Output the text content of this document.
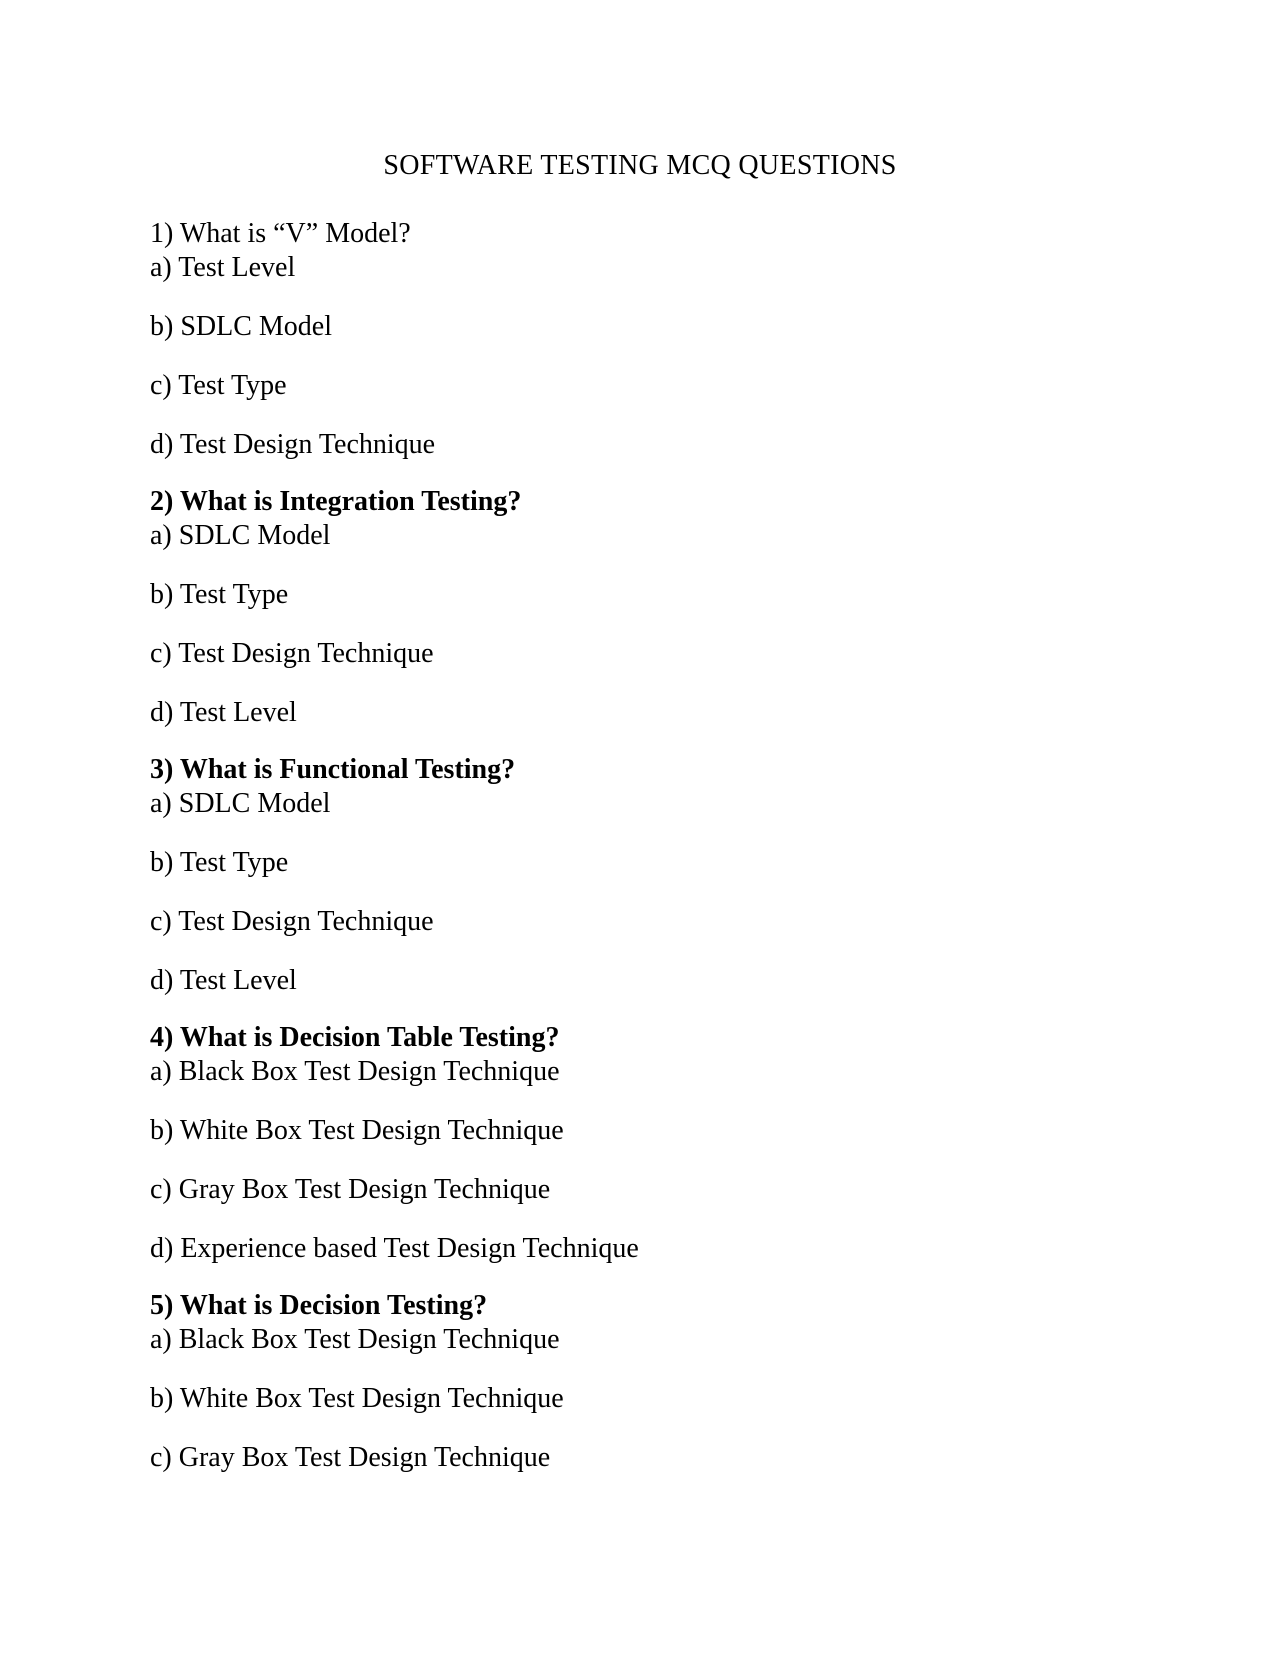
SOFTWARE TESTING MCQ QUESTIONS
1) What is “V” Model?
a) Test Level
b) SDLC Model
c) Test Type
d) Test Design Technique
2) What is Integration Testing?
a) SDLC Model
b) Test Type
c) Test Design Technique
d) Test Level
3) What is Functional Testing?
a) SDLC Model
b) Test Type
c) Test Design Technique
d) Test Level
4) What is Decision Table Testing?
a) Black Box Test Design Technique
b) White Box Test Design Technique
c) Gray Box Test Design Technique
d) Experience based Test Design Technique
5) What is Decision Testing?
a) Black Box Test Design Technique
b) White Box Test Design Technique
c) Gray Box Test Design Technique
